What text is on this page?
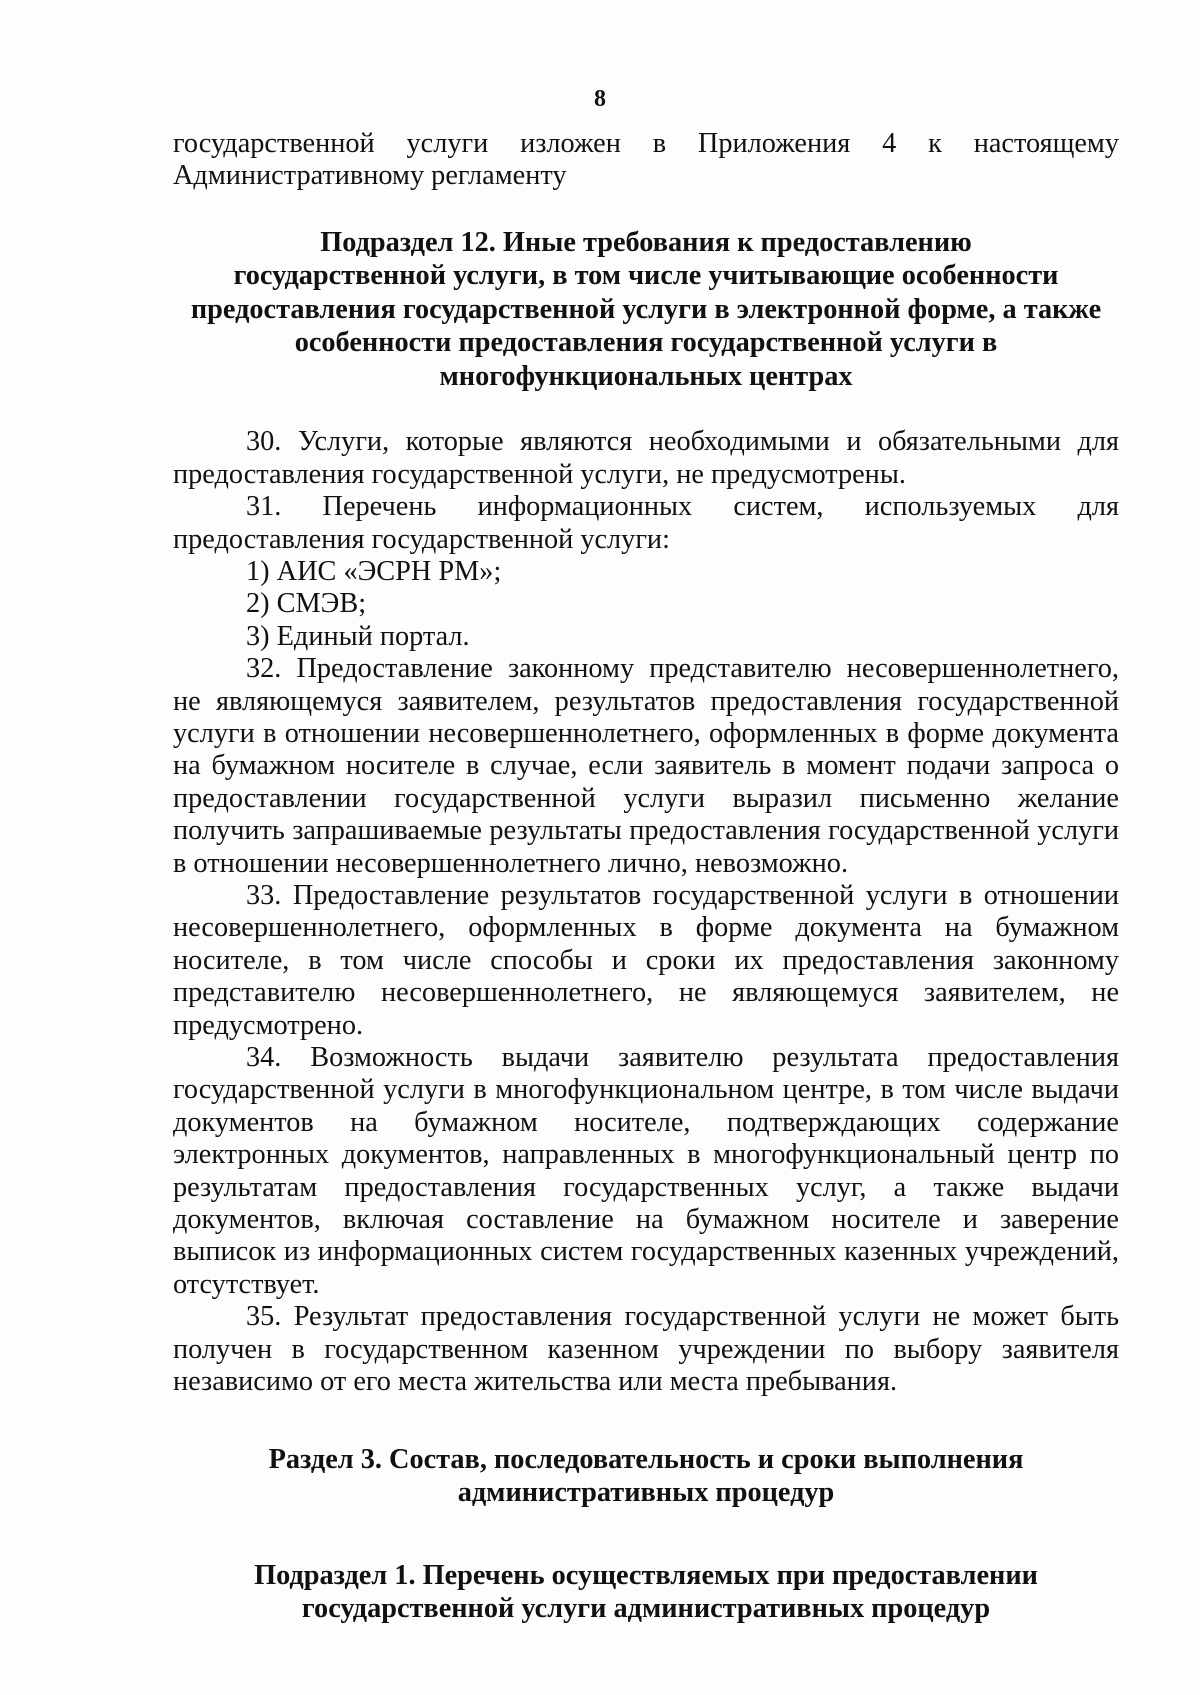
8

государственной услуги изложен в Приложения 4 к настоящему Административному регламенту

Подраздел 12. Иные требования к предоставлению
государственной услуги, в том числе учитывающие особенности
предоставления государственной услуги в электронной форме, а также
особенности предоставления государственной услуги в
многофункциональных центрах

30. Услуги, которые являются необходимыми и обязательными для предоставления государственной услуги, не предусмотрены.

31. Перечень информационных систем, используемых для предоставления государственной услуги:

1) АИС «ЭСРН РМ»;

2) СМЭВ;

3) Единый портал.

32. Предоставление законному представителю несовершеннолетнего, не являющемуся заявителем, результатов предоставления государственной услуги в отношении несовершеннолетнего, оформленных в форме документа на бумажном носителе в случае, если заявитель в момент подачи запроса о предоставлении государственной услуги выразил письменно желание получить запрашиваемые результаты предоставления государственной услуги в отношении несовершеннолетнего лично, невозможно.

33. Предоставление результатов государственной услуги в отношении несовершеннолетнего, оформленных в форме документа на бумажном носителе, в том числе способы и сроки их предоставления законному представителю несовершеннолетнего, не являющемуся заявителем, не предусмотрено.

34. Возможность выдачи заявителю результата предоставления государственной услуги в многофункциональном центре, в том числе выдачи документов на бумажном носителе, подтверждающих содержание электронных документов, направленных в многофункциональный центр по результатам предоставления государственных услуг, а также выдачи документов, включая составление на бумажном носителе и заверение выписок из информационных систем государственных казенных учреждений, отсутствует.

35. Результат предоставления государственной услуги не может быть получен в государственном казенном учреждении по выбору заявителя независимо от его места жительства или места пребывания.

Раздел 3. Состав, последовательность и сроки выполнения
административных процедур
Подраздел 1. Перечень осуществляемых при предоставлении
государственной услуги административных процедур
